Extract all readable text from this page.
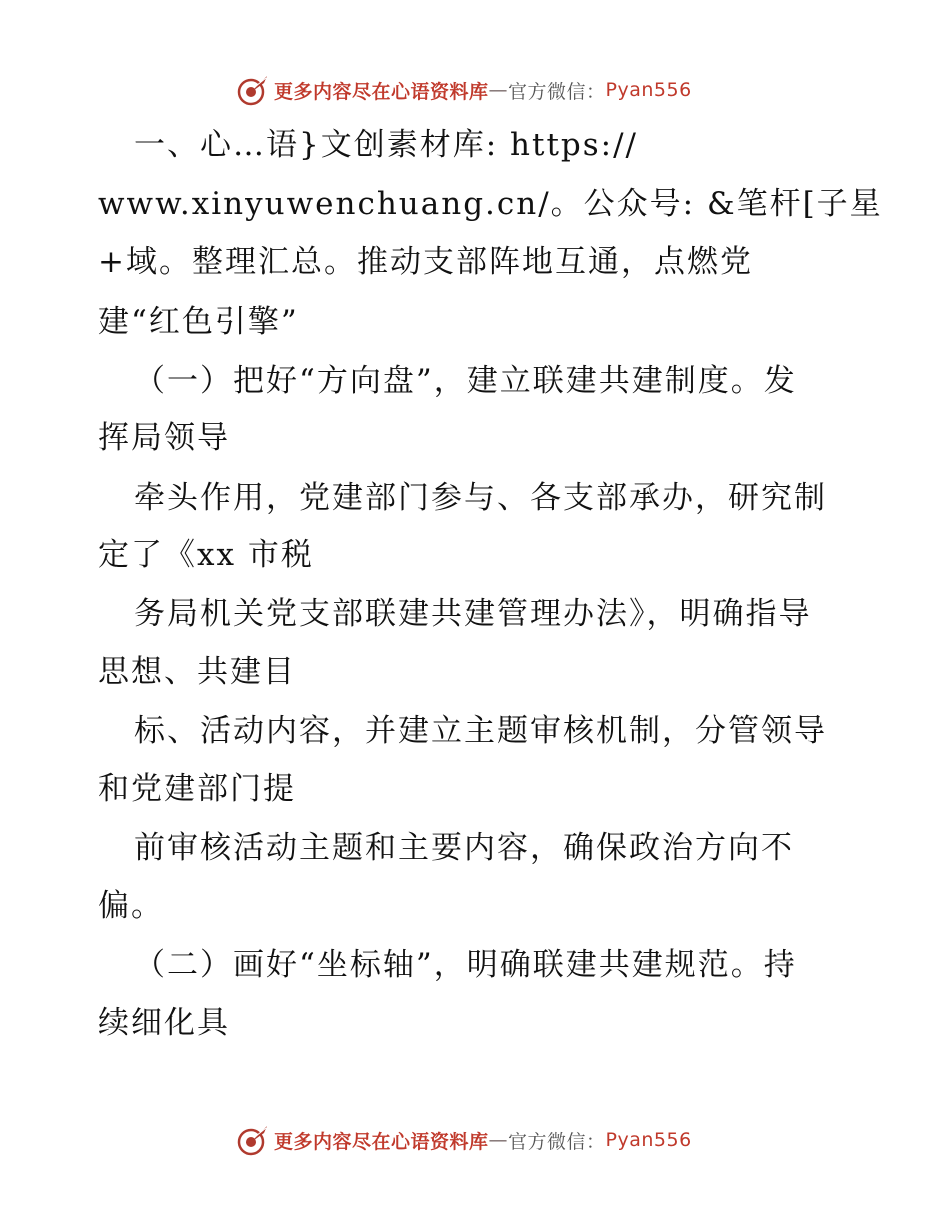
更多内容尽在心语资料库 — 官方微信： Pyan556
一、心…语}文创素材库: https://
www.xinyuwenchuang.cn/。公众号: &笔杆[子星
+域。整理汇总。推动支部阵地互通，点燃党
建“红色引擎”
（一）把好“方向盘”，建立联建共建制度。发
挥局领导
牵头作用，党建部门参与、各支部承办，研究制
定了《xx 市税
务局机关党支部联建共建管理办法》，明确指导
思想、共建目
标、活动内容，并建立主题审核机制，分管领导
和党建部门提
前审核活动主题和主要内容，确保政治方向不
偏。
（二）画好“坐标轴”，明确联建共建规范。持
续细化具
更多内容尽在心语资料库 — 官方微信： Pyan556
